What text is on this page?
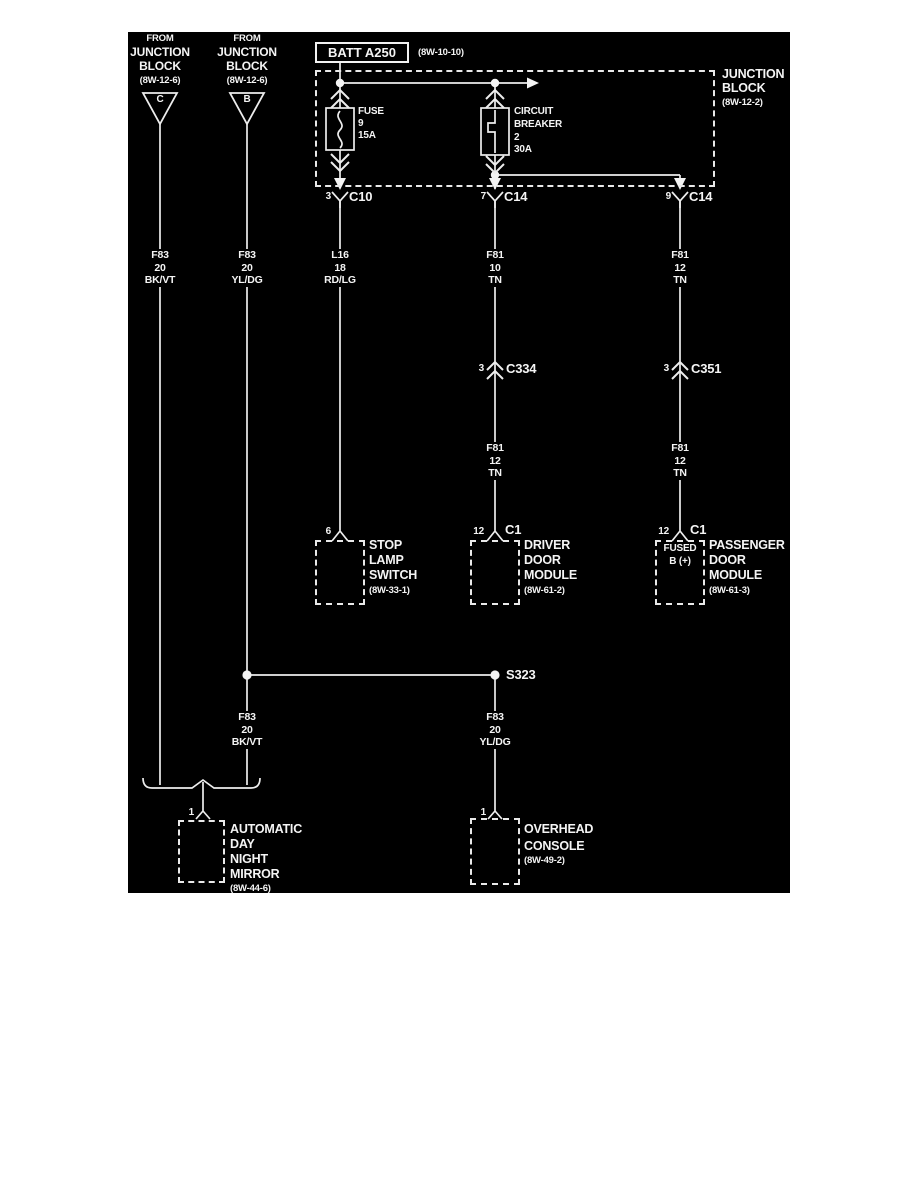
FROM
JUNCTION
BLOCK
(8W-12-6)
C
FROM
JUNCTION
BLOCK
(8W-12-6)
B
BATT A250	(8W-10-10)
JUNCTION
BLOCK
(8W-12-2)
FUSE
9
15A
CIRCUIT
BREAKER
2
30A
3 C10	7 C14	9 C14
F83
20
BK/VT
F83
20
YL/DG
L16
18
RD/LG
F81
10
TN
F81
12
TN
3 C334	3 C351
F81
12
TN
F81
12
TN
6	12 C1	12 C1
STOP
LAMP
SWITCH
(8W-33-1)
DRIVER
DOOR
MODULE
(8W-61-2)
FUSED
B (+)
PASSENGER
DOOR
MODULE
(8W-61-3)
S323
F83
20
BK/VT
F83
20
YL/DG
1	1
AUTOMATIC
DAY
NIGHT
MIRROR
(8W-44-6)
OVERHEAD
CONSOLE
(8W-49-2)
